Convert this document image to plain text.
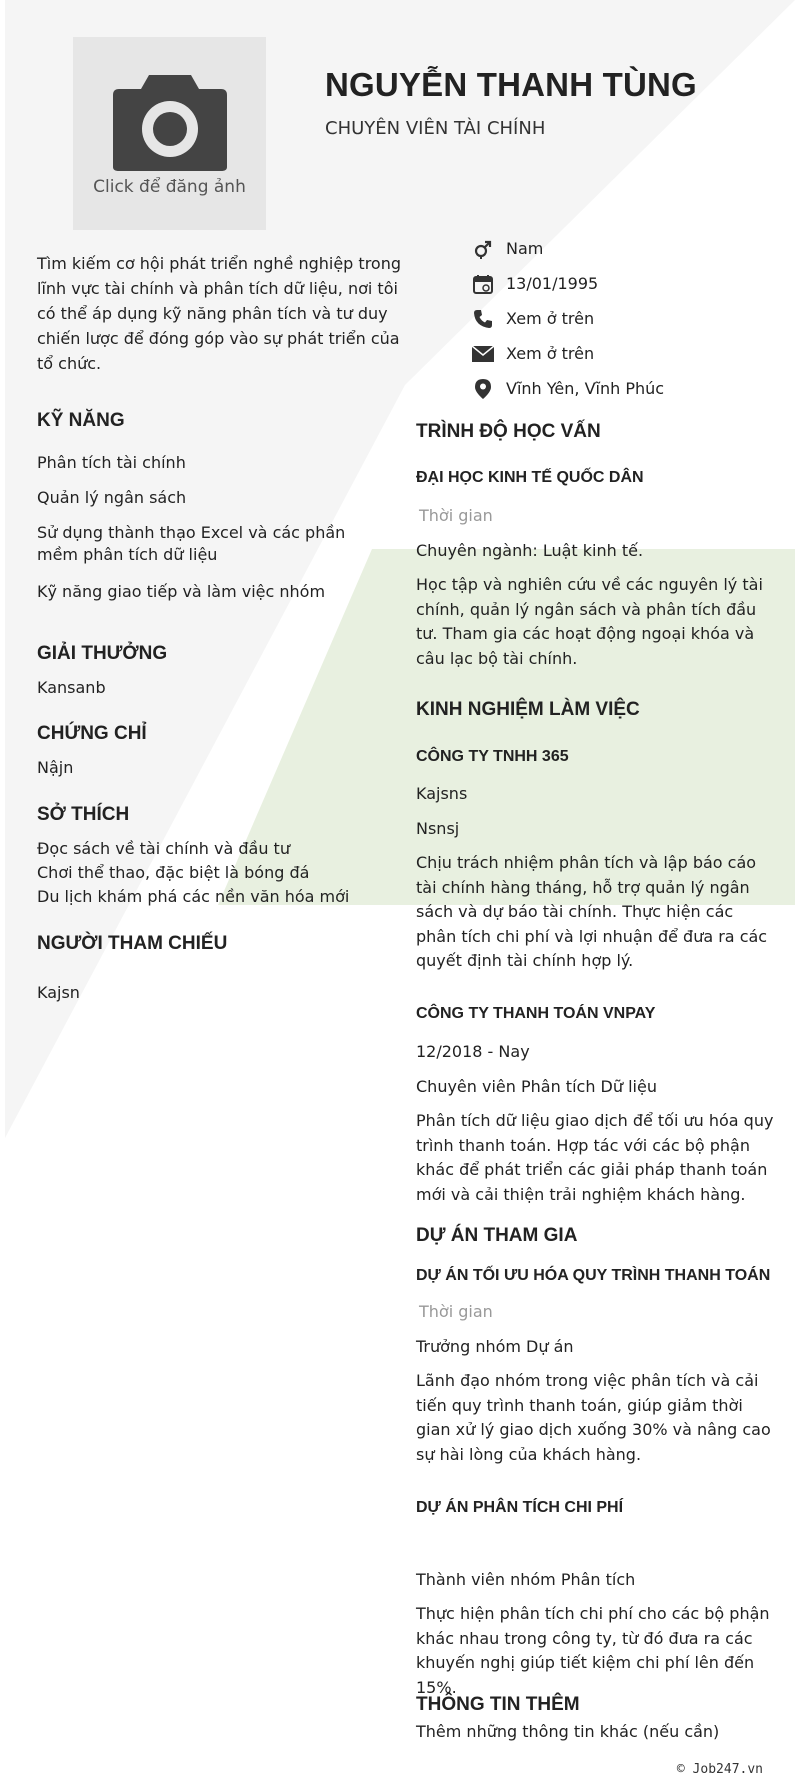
Click để đăng ảnh
NGUYỄN THANH TÙNG
CHUYÊN VIÊN TÀI CHÍNH
Tìm kiếm cơ hội phát triển nghề nghiệp trong lĩnh vực tài chính và phân tích dữ liệu, nơi tôi có thể áp dụng kỹ năng phân tích và tư duy chiến lược để đóng góp vào sự phát triển của tổ chức.
Nam
13/01/1995
Xem ở trên
Xem ở trên
Vĩnh Yên, Vĩnh Phúc
KỸ NĂNG
Phân tích tài chính
Quản lý ngân sách
Sử dụng thành thạo Excel và các phần mềm phân tích dữ liệu
Kỹ năng giao tiếp và làm việc nhóm
GIẢI THƯỞNG
Kansanb
CHỨNG CHỈ
Nậjn
SỞ THÍCH
Đọc sách về tài chính và đầu tư
Chơi thể thao, đặc biệt là bóng đá
Du lịch khám phá các nền văn hóa mới
NGƯỜI THAM CHIẾU
Kajsn
TRÌNH ĐỘ HỌC VẤN
ĐẠI HỌC KINH TẾ QUỐC DÂN
Thời gian
Chuyên ngành: Luật kinh tế.
Học tập và nghiên cứu về các nguyên lý tài chính, quản lý ngân sách và phân tích đầu tư. Tham gia các hoạt động ngoại khóa và câu lạc bộ tài chính.
KINH NGHIỆM LÀM VIỆC
CÔNG TY TNHH 365
Kajsns
Nsnsj
Chịu trách nhiệm phân tích và lập báo cáo tài chính hàng tháng, hỗ trợ quản lý ngân sách và dự báo tài chính. Thực hiện các phân tích chi phí và lợi nhuận để đưa ra các quyết định tài chính hợp lý.
CÔNG TY THANH TOÁN VNPAY
12/2018 - Nay
Chuyên viên Phân tích Dữ liệu
Phân tích dữ liệu giao dịch để tối ưu hóa quy trình thanh toán. Hợp tác với các bộ phận khác để phát triển các giải pháp thanh toán mới và cải thiện trải nghiệm khách hàng.
DỰ ÁN THAM GIA
DỰ ÁN TỐI ƯU HÓA QUY TRÌNH THANH TOÁN
Thời gian
Trưởng nhóm Dự án
Lãnh đạo nhóm trong việc phân tích và cải tiến quy trình thanh toán, giúp giảm thời gian xử lý giao dịch xuống 30% và nâng cao sự hài lòng của khách hàng.
DỰ ÁN PHÂN TÍCH CHI PHÍ
Thành viên nhóm Phân tích
Thực hiện phân tích chi phí cho các bộ phận khác nhau trong công ty, từ đó đưa ra các khuyến nghị giúp tiết kiệm chi phí lên đến 15%.
THÔNG TIN THÊM
Thêm những thông tin khác (nếu cần)
© Job247.vn
